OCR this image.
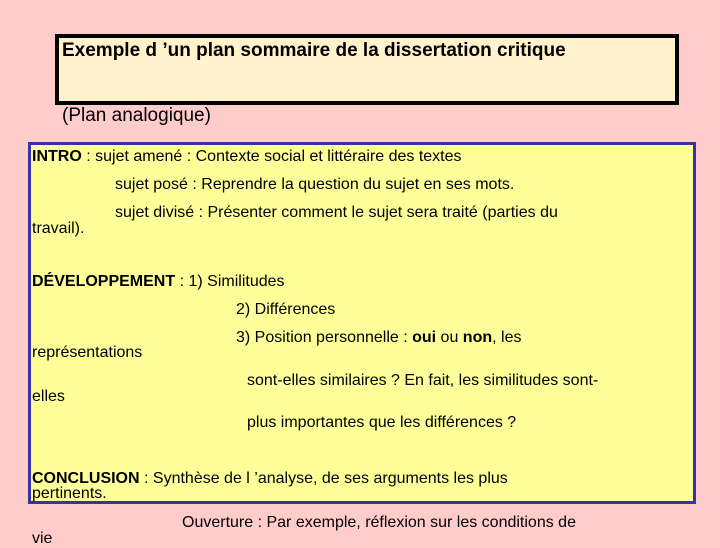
Exemple d ’un plan sommaire de la dissertation critique
(Plan analogique)
INTRO : sujet amené : Contexte social et littéraire des textes
sujet posé : Reprendre la question du sujet en ses mots.
sujet divisé : Présenter comment le sujet sera traité (parties du
travail).
DÉVELOPPEMENT : 1) Similitudes
2) Différences
3) Position personnelle : oui ou non, les
représentations
sont-elles similaires ? En fait, les similitudes sont-
elles
plus importantes que les différences ?
CONCLUSION : Synthèse de l ’analyse, de ses arguments les plus
pertinents.
Ouverture : Par exemple, réflexion sur les conditions de
vie
